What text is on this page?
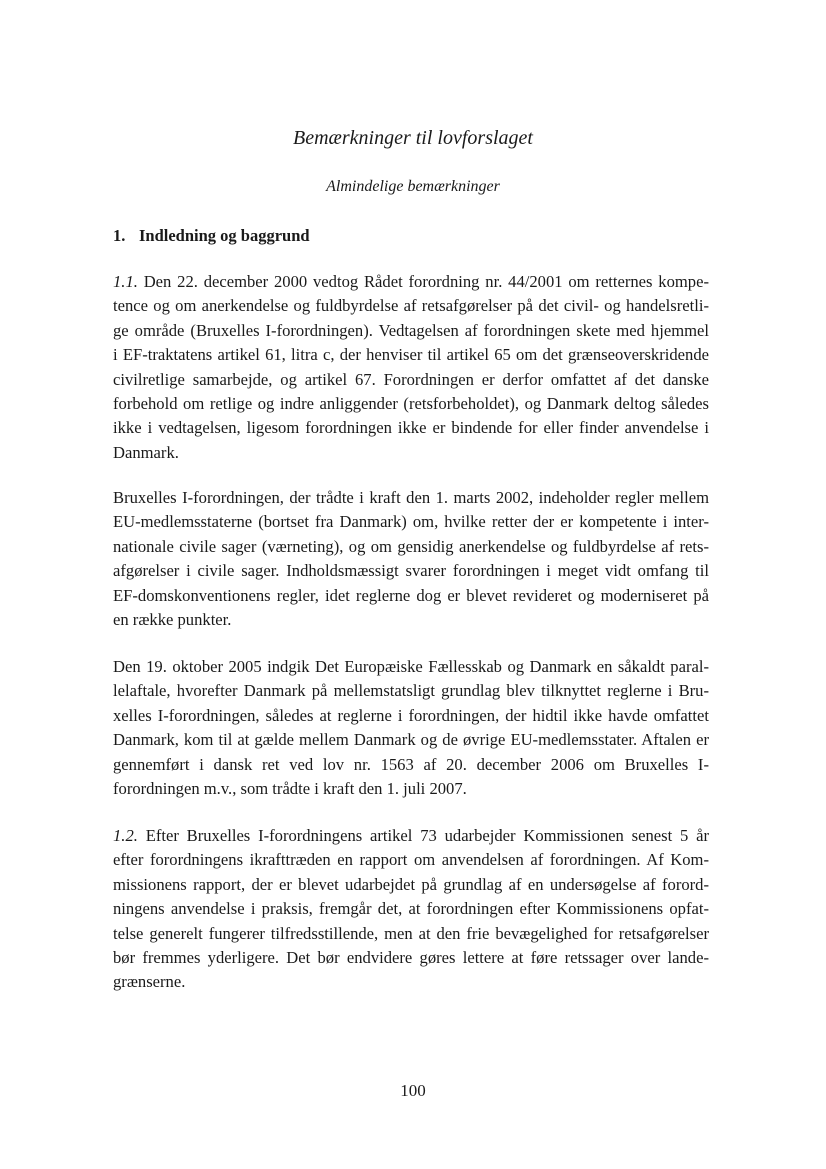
Bemærkninger til lovforslaget
Almindelige bemærkninger
1. Indledning og baggrund
1.1. Den 22. december 2000 vedtog Rådet forordning nr. 44/2001 om retternes kompe-
tence og om anerkendelse og fuldbyrdelse af retsafgørelser på det civil- og handelsretli-
ge område (Bruxelles I-forordningen). Vedtagelsen af forordningen skete med hjemmel
i EF-traktatens artikel 61, litra c, der henviser til artikel 65 om det grænseoverskridende
civilretlige samarbejde, og artikel 67. Forordningen er derfor omfattet af det danske
forbehold om retlige og indre anliggender (retsforbeholdet), og Danmark deltog således
ikke i vedtagelsen, ligesom forordningen ikke er bindende for eller finder anvendelse i
Danmark.
Bruxelles I-forordningen, der trådte i kraft den 1. marts 2002, indeholder regler mellem
EU-medlemsstaterne (bortset fra Danmark) om, hvilke retter der er kompetente i inter-
nationale civile sager (værneting), og om gensidig anerkendelse og fuldbyrdelse af rets-
afgørelser i civile sager. Indholdsmæssigt svarer forordningen i meget vidt omfang til
EF-domskonventionens regler, idet reglerne dog er blevet revideret og moderniseret på
en række punkter.
Den 19. oktober 2005 indgik Det Europæiske Fællesskab og Danmark en såkaldt paral-
lelaftale, hvorefter Danmark på mellemstatsligt grundlag blev tilknyttet reglerne i Bru-
xelles I-forordningen, således at reglerne i forordningen, der hidtil ikke havde omfattet
Danmark, kom til at gælde mellem Danmark og de øvrige EU-medlemsstater. Aftalen er
gennemført i dansk ret ved lov nr. 1563 af 20. december 2006 om Bruxelles I-
forordningen m.v., som trådte i kraft den 1. juli 2007.
1.2. Efter Bruxelles I-forordningens artikel 73 udarbejder Kommissionen senest 5 år
efter forordningens ikrafttræden en rapport om anvendelsen af forordningen. Af Kom-
missionens rapport, der er blevet udarbejdet på grundlag af en undersøgelse af forord-
ningens anvendelse i praksis, fremgår det, at forordningen efter Kommissionens opfat-
telse generelt fungerer tilfredsstillende, men at den frie bevægelighed for retsafgørelser
bør fremmes yderligere. Det bør endvidere gøres lettere at føre retssager over lande-
grænserne.
100
